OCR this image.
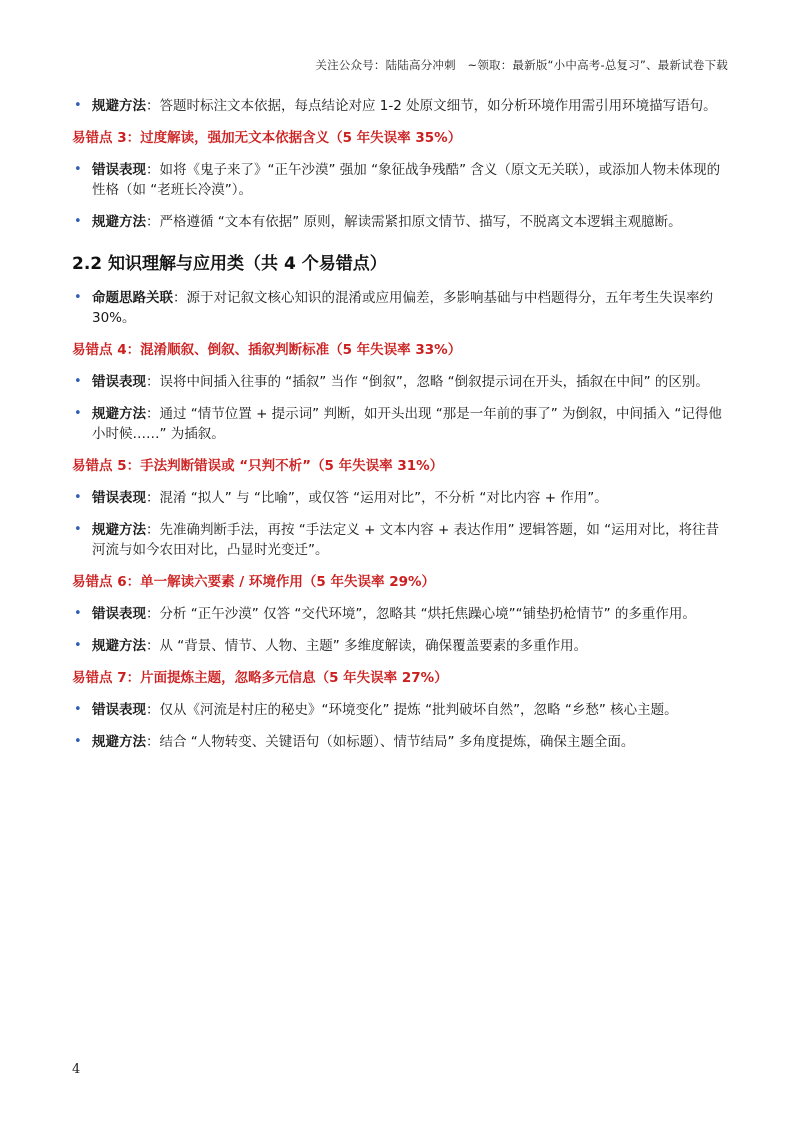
关注公众号：陆陆高分冲刺　~领取：最新版“小中高考-总复习”、最新试卷下载
• 规避方法：答题时标注文本依据，每点结论对应 1-2 处原文细节，如分析环境作用需引用环境描写语句。
易错点 3：过度解读，强加无文本依据含义（5 年失误率 35%）
• 错误表现：如将《鬼子来了》“正午沙漠” 强加 “象征战争残酷” 含义（原文无关联），或添加人物未体现的性格（如 “老班长冷漠”）。
• 规避方法：严格遵循 “文本有依据” 原则，解读需紧扣原文情节、描写，不脱离文本逻辑主观臆断。
2.2 知识理解与应用类（共 4 个易错点）
• 命题思路关联：源于对记叙文核心知识的混淆或应用偏差，多影响基础与中档题得分，五年考生失误率约 30%。
易错点 4：混淆顺叙、倒叙、插叙判断标准（5 年失误率 33%）
• 错误表现：误将中间插入往事的 “插叙” 当作 “倒叙”，忽略 “倒叙提示词在开头，插叙在中间” 的区别。
• 规避方法：通过 “情节位置 + 提示词” 判断，如开头出现 “那是一年前的事了” 为倒叙，中间插入 “记得他小时候……” 为插叙。
易错点 5：手法判断错误或 “只判不析”（5 年失误率 31%）
• 错误表现：混淆 “拟人” 与 “比喻”，或仅答 “运用对比”，不分析 “对比内容 + 作用”。
• 规避方法：先准确判断手法，再按 “手法定义 + 文本内容 + 表达作用” 逻辑答题，如 “运用对比，将往昔河流与如今农田对比，凸显时光变迁”。
易错点 6：单一解读六要素 / 环境作用（5 年失误率 29%）
• 错误表现：分析 “正午沙漠” 仅答 “交代环境”，忽略其 “烘托焦躁心境”“铺垫扔枪情节” 的多重作用。
• 规避方法：从 “背景、情节、人物、主题” 多维度解读，确保覆盖要素的多重作用。
易错点 7：片面提炼主题，忽略多元信息（5 年失误率 27%）
• 错误表现：仅从《河流是村庄的秘史》“环境变化” 提炼 “批判破坏自然”，忽略 “乡愁” 核心主题。
• 规避方法：结合 “人物转变、关键语句（如标题）、情节结局” 多角度提炼，确保主题全面。
4
